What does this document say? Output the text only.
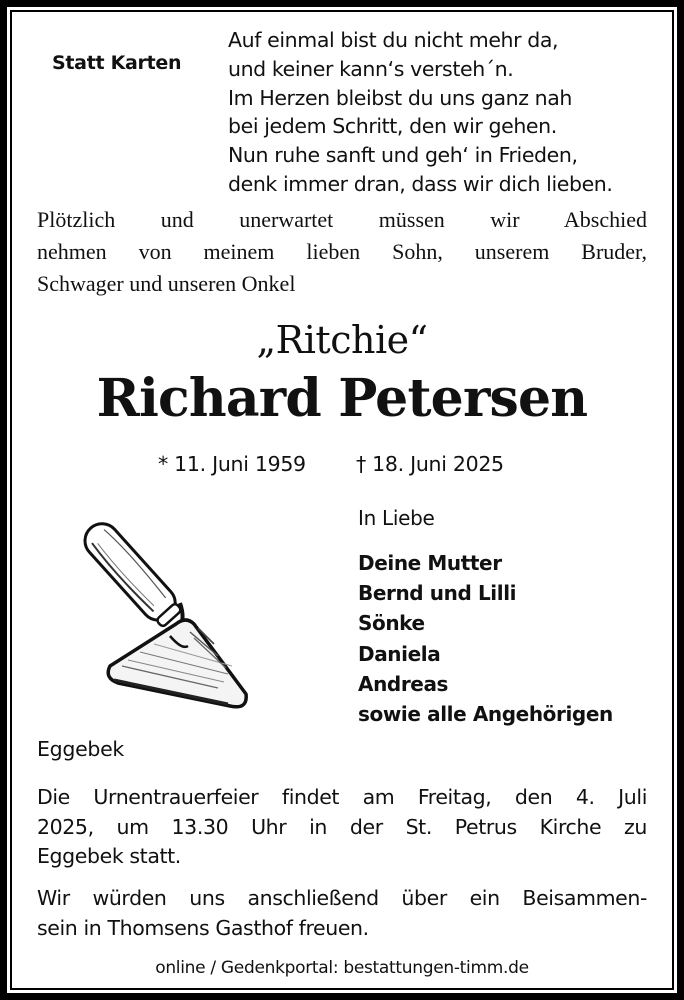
Statt Karten
Auf einmal bist du nicht mehr da,
und keiner kann‘s versteh´n.
Im Herzen bleibst du uns ganz nah
bei jedem Schritt, den wir gehen.
Nun ruhe sanft und geh‘ in Frieden,
denk immer dran, dass wir dich lieben.
Plötzlich und unerwartet müssen wir Abschied
nehmen von meinem lieben Sohn, unserem Bruder,
Schwager und unseren Onkel
„Ritchie“
Richard Petersen
* 11. Juni 1959 † 18. Juni 2025
In Liebe
Deine Mutter
Bernd und Lilli
Sönke
Daniela
Andreas
sowie alle Angehörigen
Eggebek
Die Urnentrauerfeier findet am Freitag, den 4. Juli
2025, um 13.30 Uhr in der St. Petrus Kirche zu
Eggebek statt.
Wir würden uns anschließend über ein Beisammen-
sein in Thomsens Gasthof freuen.
online / Gedenkportal: bestattungen-timm.de
